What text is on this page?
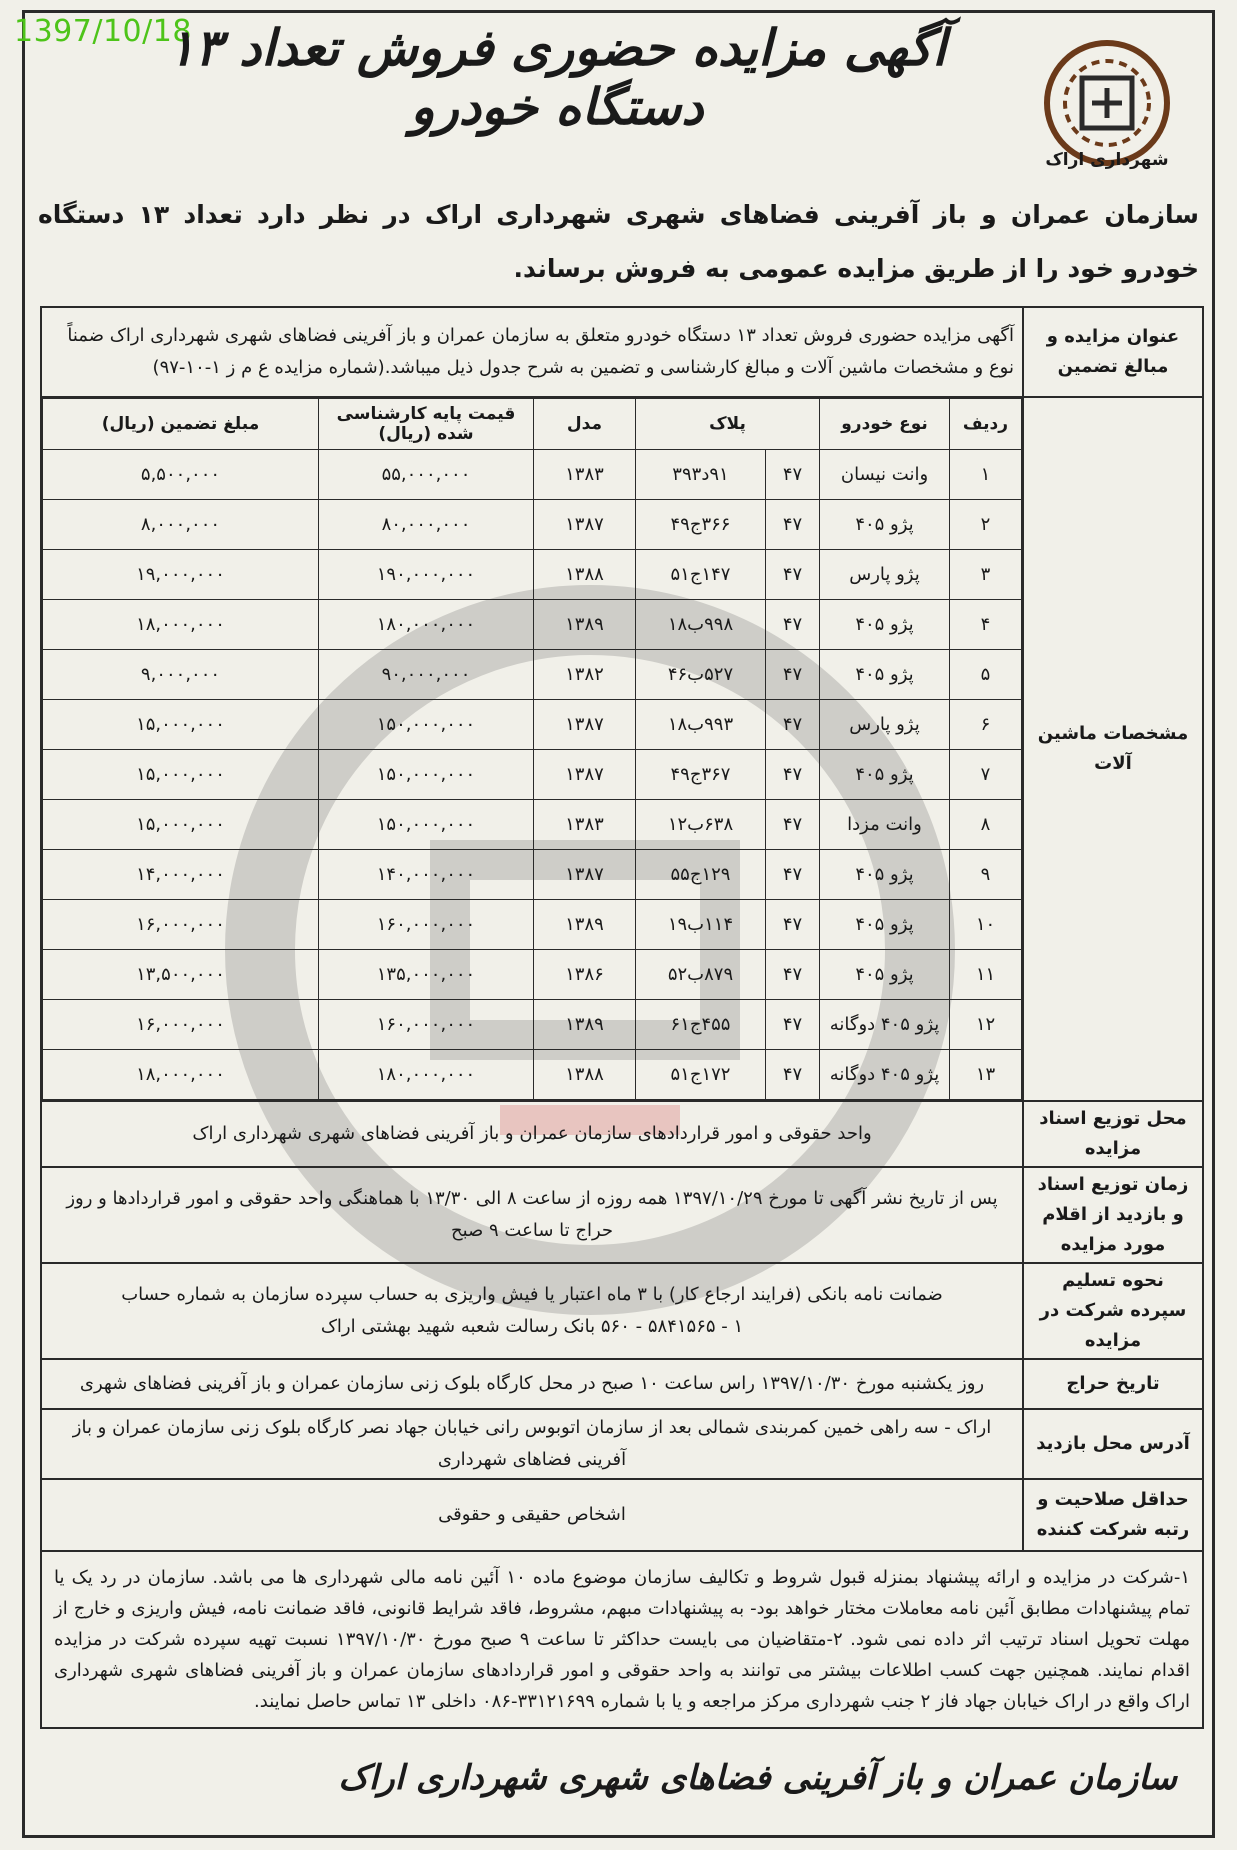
1397/10/18
آگهی مزایده حضوری فروش تعداد ۱۳ دستگاه خودرو
شهرداری اراک
سازمان عمران و باز آفرینی فضاهای شهری شهرداری اراک در نظر دارد تعداد ۱۳ دستگاه خودرو خود را از طریق مزایده عمومی به فروش برساند.
عنوان مزایده و مبالغ تضمین	آگهی مزایده حضوری فروش تعداد ۱۳ دستگاه خودرو متعلق به سازمان عمران و باز آفرینی فضاهای شهری شهرداری اراک ضمناً نوع و مشخصات ماشین آلات و مبالغ کارشناسی و تضمین به شرح جدول ذیل میباشد.(شماره مزایده ع م ز ۱-۱۰-۹۷)
مشخصات ماشین آلات	
ردیف	نوع خودرو	پلاک	مدل	قیمت پایه کارشناسی شده (ریال)	مبلغ تضمین (ریال)
۱	وانت نیسان	۴۷	۹۱د۳۹۳	۱۳۸۳	۵۵,۰۰۰,۰۰۰	۵,۵۰۰,۰۰۰
۲	پژو ۴۰۵	۴۷	۳۶۶ج۴۹	۱۳۸۷	۸۰,۰۰۰,۰۰۰	۸,۰۰۰,۰۰۰
۳	پژو پارس	۴۷	۱۴۷ج۵۱	۱۳۸۸	۱۹۰,۰۰۰,۰۰۰	۱۹,۰۰۰,۰۰۰
۴	پژو ۴۰۵	۴۷	۹۹۸ب۱۸	۱۳۸۹	۱۸۰,۰۰۰,۰۰۰	۱۸,۰۰۰,۰۰۰
۵	پژو ۴۰۵	۴۷	۵۲۷ب۴۶	۱۳۸۲	۹۰,۰۰۰,۰۰۰	۹,۰۰۰,۰۰۰
۶	پژو پارس	۴۷	۹۹۳ب۱۸	۱۳۸۷	۱۵۰,۰۰۰,۰۰۰	۱۵,۰۰۰,۰۰۰
۷	پژو ۴۰۵	۴۷	۳۶۷ج۴۹	۱۳۸۷	۱۵۰,۰۰۰,۰۰۰	۱۵,۰۰۰,۰۰۰
۸	وانت مزدا	۴۷	۶۳۸ب۱۲	۱۳۸۳	۱۵۰,۰۰۰,۰۰۰	۱۵,۰۰۰,۰۰۰
۹	پژو ۴۰۵	۴۷	۱۲۹ج۵۵	۱۳۸۷	۱۴۰,۰۰۰,۰۰۰	۱۴,۰۰۰,۰۰۰
۱۰	پژو ۴۰۵	۴۷	۱۱۴ب۱۹	۱۳۸۹	۱۶۰,۰۰۰,۰۰۰	۱۶,۰۰۰,۰۰۰
۱۱	پژو ۴۰۵	۴۷	۸۷۹ب۵۲	۱۳۸۶	۱۳۵,۰۰۰,۰۰۰	۱۳,۵۰۰,۰۰۰
۱۲	پژو ۴۰۵ دوگانه	۴۷	۴۵۵ج۶۱	۱۳۸۹	۱۶۰,۰۰۰,۰۰۰	۱۶,۰۰۰,۰۰۰
۱۳	پژو ۴۰۵ دوگانه	۴۷	۱۷۲ج۵۱	۱۳۸۸	۱۸۰,۰۰۰,۰۰۰	۱۸,۰۰۰,۰۰۰

محل توزیع اسناد مزایده	واحد حقوقی و امور قراردادهای سازمان عمران و باز آفرینی فضاهای شهری شهرداری اراک
زمان توزیع اسناد و بازدید از اقلام مورد مزایده	پس از تاریخ نشر آگهی تا مورخ ۱۳۹۷/۱۰/۲۹ همه روزه از ساعت ۸ الی ۱۳/۳۰ با هماهنگی واحد حقوقی و امور قراردادها و روز حراج تا ساعت ۹ صبح
نحوه تسلیم سپرده شرکت در مزایده	
ضمانت نامه بانکی (فرایند ارجاع کار) با ۳ ماه اعتبار یا فیش واریزی به حساب سپرده سازمان به شماره حساب
۱ - ۵۸۴۱۵۶۵ - ۵۶۰ بانک رسالت شعبه شهید بهشتی اراک

تاریخ حراج	روز یکشنبه مورخ ۱۳۹۷/۱۰/۳۰ راس ساعت ۱۰ صبح در محل کارگاه بلوک زنی سازمان عمران و باز آفرینی فضاهای شهری
آدرس محل بازدید	اراک - سه راهی خمین کمربندی شمالی بعد از سازمان اتوبوس رانی خیابان جهاد نصر کارگاه بلوک زنی سازمان عمران و باز آفرینی فضاهای شهرداری
حداقل صلاحیت و رتبه شرکت کننده	اشخاص حقیقی و حقوقی
۱-شرکت در مزایده و ارائه پیشنهاد بمنزله قبول شروط و تکالیف سازمان موضوع ماده ۱۰ آئین نامه مالی شهرداری ها می باشد. سازمان در رد یک یا تمام پیشنهادات مطابق آئین نامه معاملات مختار خواهد بود- به پیشنهادات مبهم، مشروط، فاقد شرایط قانونی، فاقد ضمانت نامه، فیش واریزی و خارج از مهلت تحویل اسناد ترتیب اثر داده نمی شود. ۲-متقاضیان می بایست حداکثر تا ساعت ۹ صبح مورخ ۱۳۹۷/۱۰/۳۰ نسبت تهیه سپرده شرکت در مزایده اقدام نمایند. همچنین جهت کسب اطلاعات بیشتر می توانند به واحد حقوقی و امور قراردادهای سازمان عمران و باز آفرینی فضاهای شهری شهرداری اراک واقع در اراک خیابان جهاد فاز ۲ جنب شهرداری مرکز مراجعه و یا با شماره ۳۳۱۲۱۶۹۹-۰۸۶ داخلی ۱۳ تماس حاصل نمایند.
سازمان عمران و باز آفرینی فضاهای شهری شهرداری اراک
